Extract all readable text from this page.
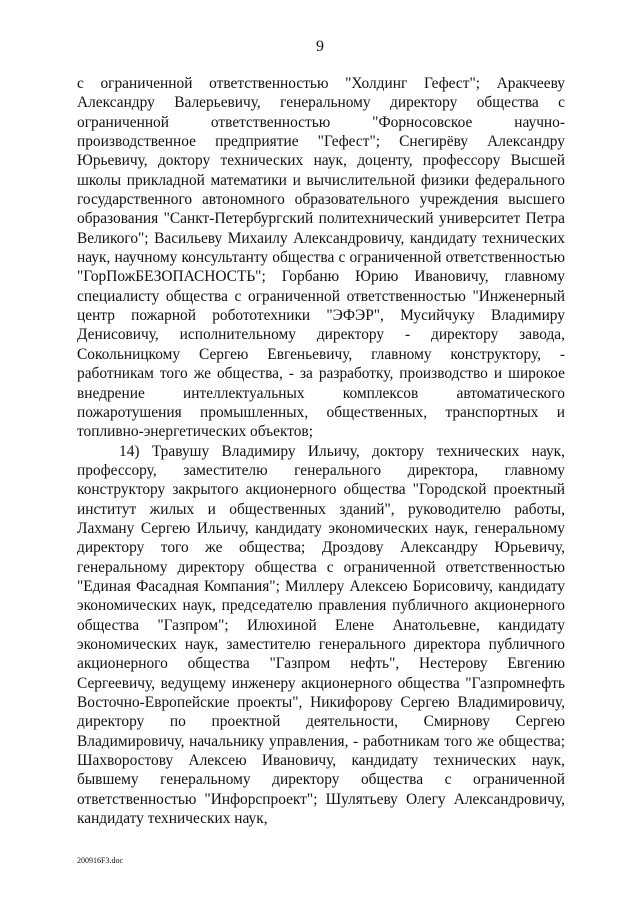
9

с ограниченной ответственностью "Холдинг Гефест"; Аракчееву Александру Валерьевичу, генеральному директору общества с ограниченной ответственностью "Форносовское научно-производственное предприятие "Гефест"; Снегирёву Александру Юрьевичу, доктору технических наук, доценту, профессору Высшей школы прикладной математики и вычислительной физики федерального государственного автономного образовательного учреждения высшего образования "Санкт-Петербургский политехнический университет Петра Великого"; Васильеву Михаилу Александровичу, кандидату технических наук, научному консультанту общества с ограниченной ответственностью "ГорПожБЕЗОПАСНОСТЬ"; Горбаню Юрию Ивановичу, главному специалисту общества с ограниченной ответственностью "Инженерный центр пожарной робототехники "ЭФЭР", Мусийчуку Владимиру Денисовичу, исполнительному директору - директору завода, Сокольницкому Сергею Евгеньевичу, главному конструктору, - работникам того же общества, - за разработку, производство и широкое внедрение интеллектуальных комплексов автоматического пожаротушения промышленных, общественных, транспортных и топливно-энергетических объектов;

14) Травушу Владимиру Ильичу, доктору технических наук, профессору, заместителю генерального директора, главному конструктору закрытого акционерного общества "Городской проектный институт жилых и общественных зданий", руководителю работы, Лахману Сергею Ильичу, кандидату экономических наук, генеральному директору того же общества; Дроздову Александру Юрьевичу, генеральному директору общества с ограниченной ответственностью "Единая Фасадная Компания"; Миллеру Алексею Борисовичу, кандидату экономических наук, председателю правления публичного акционерного общества "Газпром"; Илюхиной Елене Анатольевне, кандидату экономических наук, заместителю генерального директора публичного акционерного общества "Газпром нефть", Нестерову Евгению Сергеевичу, ведущему инженеру акционерного общества "Газпромнефть Восточно-Европейские проекты", Никифорову Сергею Владимировичу, директору по проектной деятельности, Смирнову Сергею Владимировичу, начальнику управления, - работникам того же общества; Шахворостову Алексею Ивановичу, кандидату технических наук, бывшему генеральному директору общества с ограниченной ответственностью "Инфорспроект"; Шулятьеву Олегу Александровичу, кандидату технических наук,

200916F3.doc
